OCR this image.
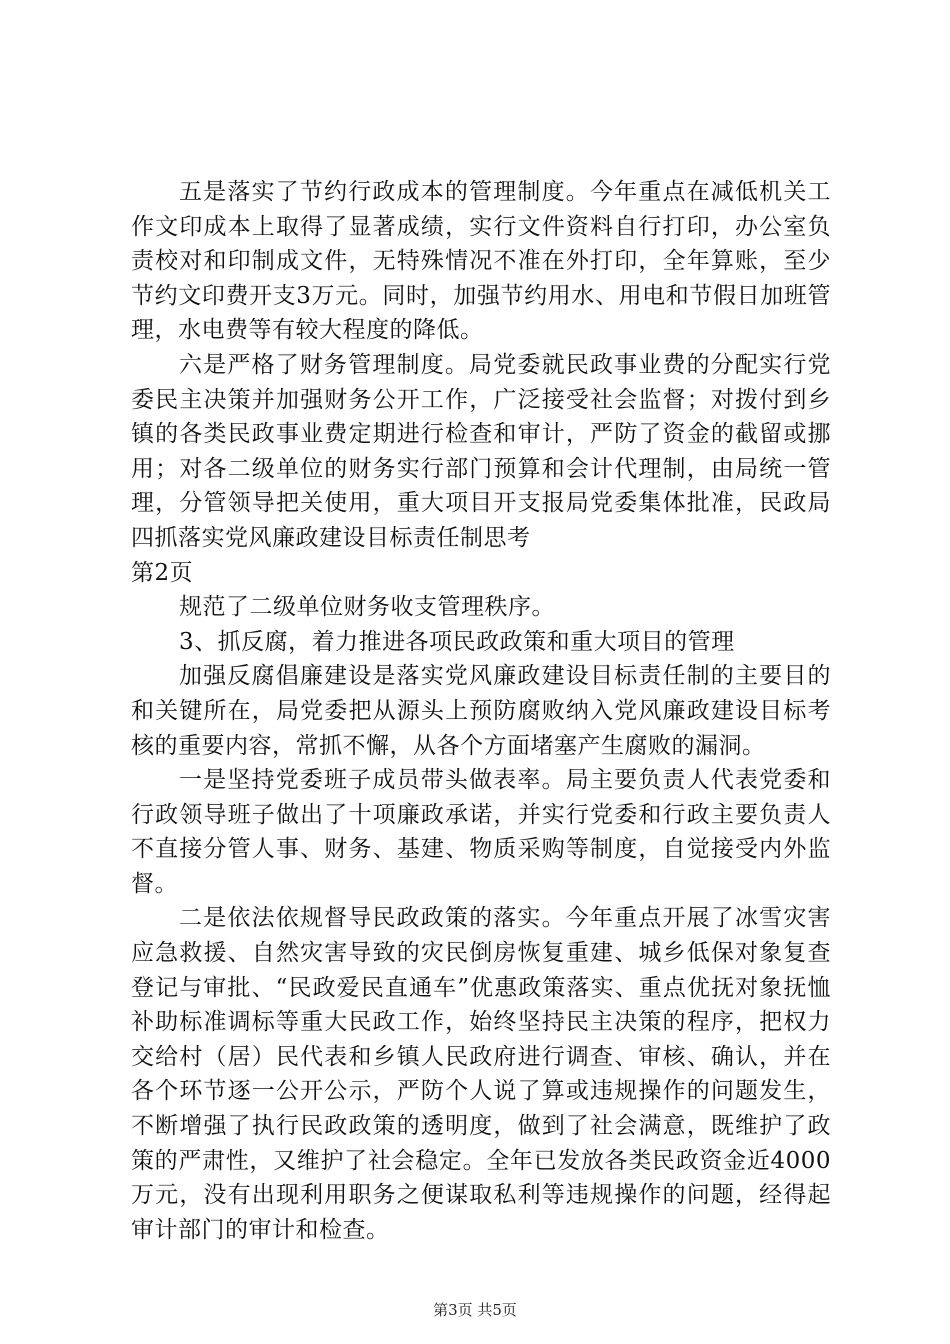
五是落实了节约行政成本的管理制度。今年重点在减低机关工作文印成本上取得了显著成绩，实行文件资料自行打印，办公室负责校对和印制成文件，无特殊情况不准在外打印，全年算账，至少节约文印费开支3万元。同时，加强节约用水、用电和节假日加班管理，水电费等有较大程度的降低。

六是严格了财务管理制度。局党委就民政事业费的分配实行党委民主决策并加强财务公开工作，广泛接受社会监督；对拨付到乡镇的各类民政事业费定期进行检查和审计，严防了资金的截留或挪用；对各二级单位的财务实行部门预算和会计代理制，由局统一管理，分管领导把关使用，重大项目开支报局党委集体批准，民政局四抓落实党风廉政建设目标责任制思考

第2页

规范了二级单位财务收支管理秩序。

3、抓反腐，着力推进各项民政政策和重大项目的管理

加强反腐倡廉建设是落实党风廉政建设目标责任制的主要目的和关键所在，局党委把从源头上预防腐败纳入党风廉政建设目标考核的重要内容，常抓不懈，从各个方面堵塞产生腐败的漏洞。

一是坚持党委班子成员带头做表率。局主要负责人代表党委和行政领导班子做出了十项廉政承诺，并实行党委和行政主要负责人不直接分管人事、财务、基建、物质采购等制度，自觉接受内外监督。

二是依法依规督导民政政策的落实。今年重点开展了冰雪灾害应急救援、自然灾害导致的灾民倒房恢复重建、城乡低保对象复查登记与审批、“民政爱民直通车”优惠政策落实、重点优抚对象抚恤补助标准调标等重大民政工作，始终坚持民主决策的程序，把权力交给村（居）民代表和乡镇人民政府进行调查、审核、确认，并在各个环节逐一公开公示，严防个人说了算或违规操作的问题发生，不断增强了执行民政政策的透明度，做到了社会满意，既维护了政策的严肃性，又维护了社会稳定。全年已发放各类民政资金近4000万元，没有出现利用职务之便谋取私利等违规操作的问题，经得起审计部门的审计和检查。

第3页 共5页
